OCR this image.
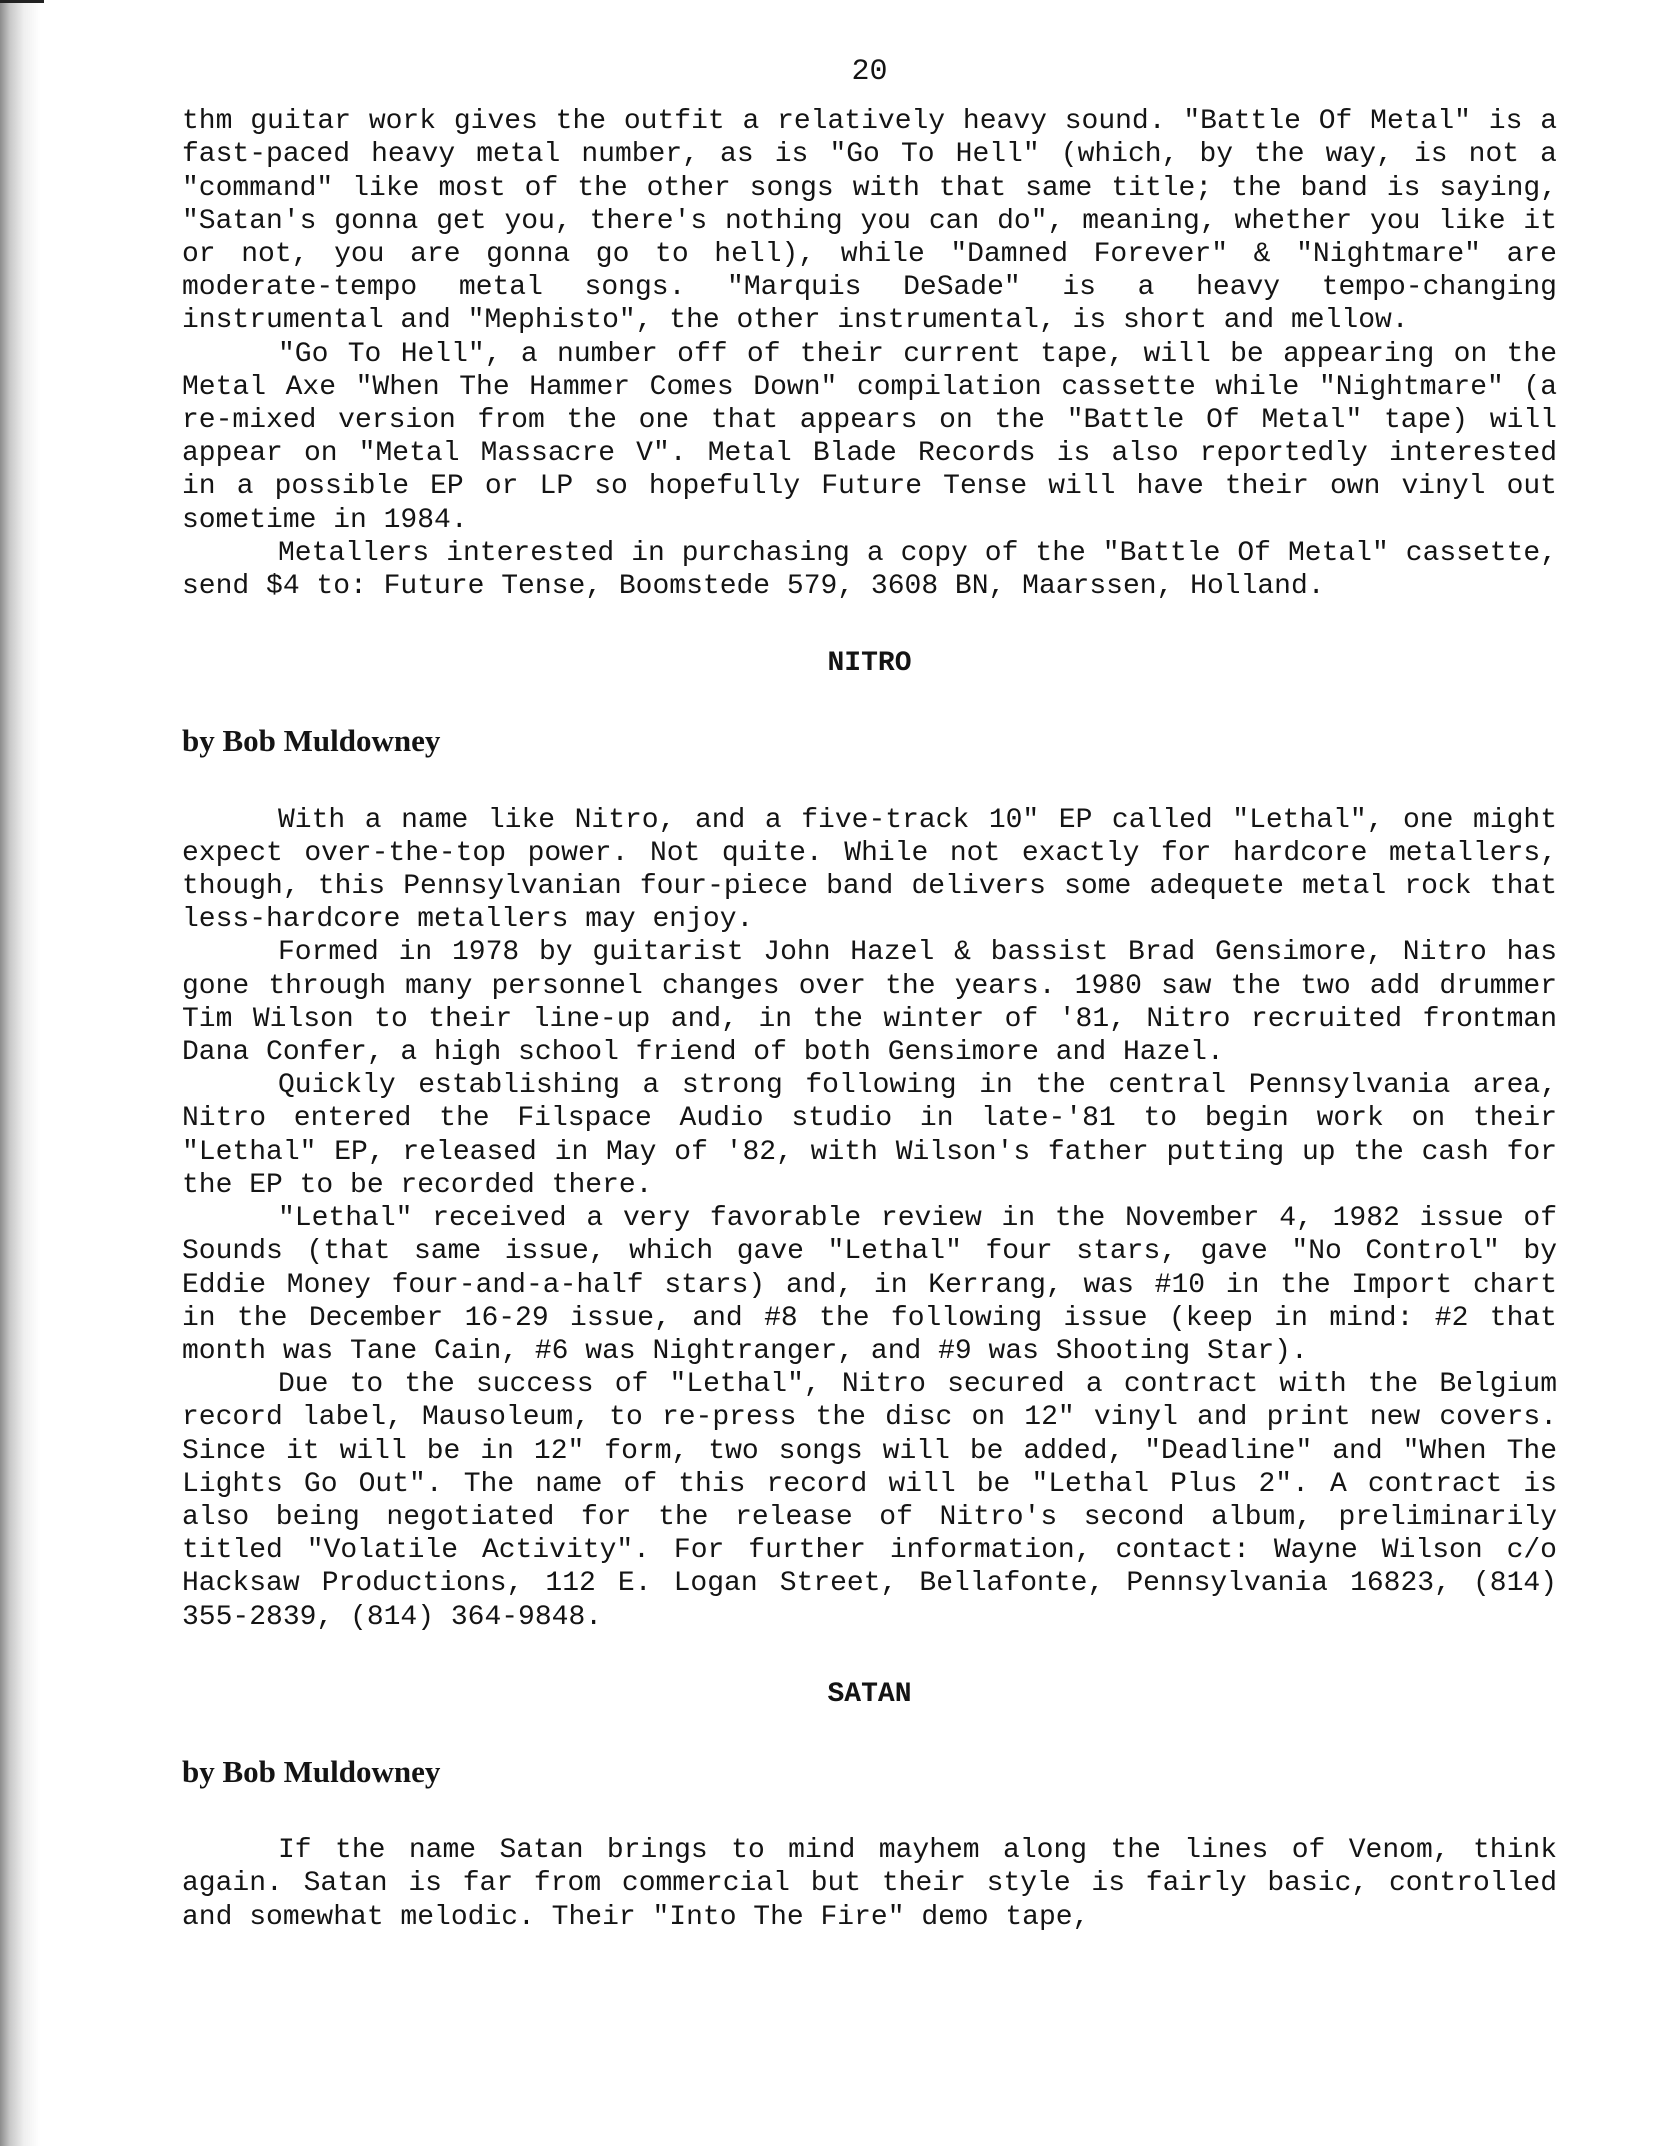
20

thm guitar work gives the outfit a relatively heavy sound. "Battle Of Metal" is a fast-paced heavy metal number, as is "Go To Hell" (which, by the way, is not a "command" like most of the other songs with that same title; the band is saying, "Satan's gonna get you, there's nothing you can do", meaning, whether you like it or not, you are gonna go to hell), while "Damned Forever" & "Nightmare" are moderate-tempo metal songs. "Marquis DeSade" is a heavy tempo-changing instrumental and "Mephisto", the other instrumental, is short and mellow.

"Go To Hell", a number off of their current tape, will be appearing on the Metal Axe "When The Hammer Comes Down" compilation cassette while "Nightmare" (a re-mixed version from the one that appears on the "Battle Of Metal" tape) will appear on "Metal Massacre V". Metal Blade Records is also reportedly interested in a possible EP or LP so hopefully Future Tense will have their own vinyl out sometime in 1984.

Metallers interested in purchasing a copy of the "Battle Of Metal" cassette, send $4 to: Future Tense, Boomstede 579, 3608 BN, Maarssen, Holland.

NITRO
by Bob Muldowney

With a name like Nitro, and a five-track 10" EP called "Lethal", one might expect over-the-top power. Not quite. While not exactly for hardcore metallers, though, this Pennsylvanian four-piece band delivers some adequete metal rock that less-hardcore metallers may enjoy.

Formed in 1978 by guitarist John Hazel & bassist Brad Gensimore, Nitro has gone through many personnel changes over the years. 1980 saw the two add drummer Tim Wilson to their line-up and, in the winter of '81, Nitro recruited frontman Dana Confer, a high school friend of both Gensimore and Hazel.

Quickly establishing a strong following in the central Pennsylvania area, Nitro entered the Filspace Audio studio in late-'81 to begin work on their "Lethal" EP, released in May of '82, with Wilson's father putting up the cash for the EP to be recorded there.

"Lethal" received a very favorable review in the November 4, 1982 issue of Sounds (that same issue, which gave "Lethal" four stars, gave "No Control" by Eddie Money four-and-a-half stars) and, in Kerrang, was #10 in the Import chart in the December 16-29 issue, and #8 the following issue (keep in mind: #2 that month was Tane Cain, #6 was Nightranger, and #9 was Shooting Star).

Due to the success of "Lethal", Nitro secured a contract with the Belgium record label, Mausoleum, to re-press the disc on 12" vinyl and print new covers. Since it will be in 12" form, two songs will be added, "Deadline" and "When The Lights Go Out". The name of this record will be "Lethal Plus 2". A contract is also being negotiated for the release of Nitro's second album, preliminarily titled "Volatile Activity". For further information, contact: Wayne Wilson c/o Hacksaw Productions, 112 E. Logan Street, Bellafonte, Pennsylvania 16823, (814) 355-2839, (814) 364-9848.

SATAN
by Bob Muldowney

If the name Satan brings to mind mayhem along the lines of Venom, think again. Satan is far from commercial but their style is fairly basic, controlled and somewhat melodic. Their "Into The Fire" demo tape,
